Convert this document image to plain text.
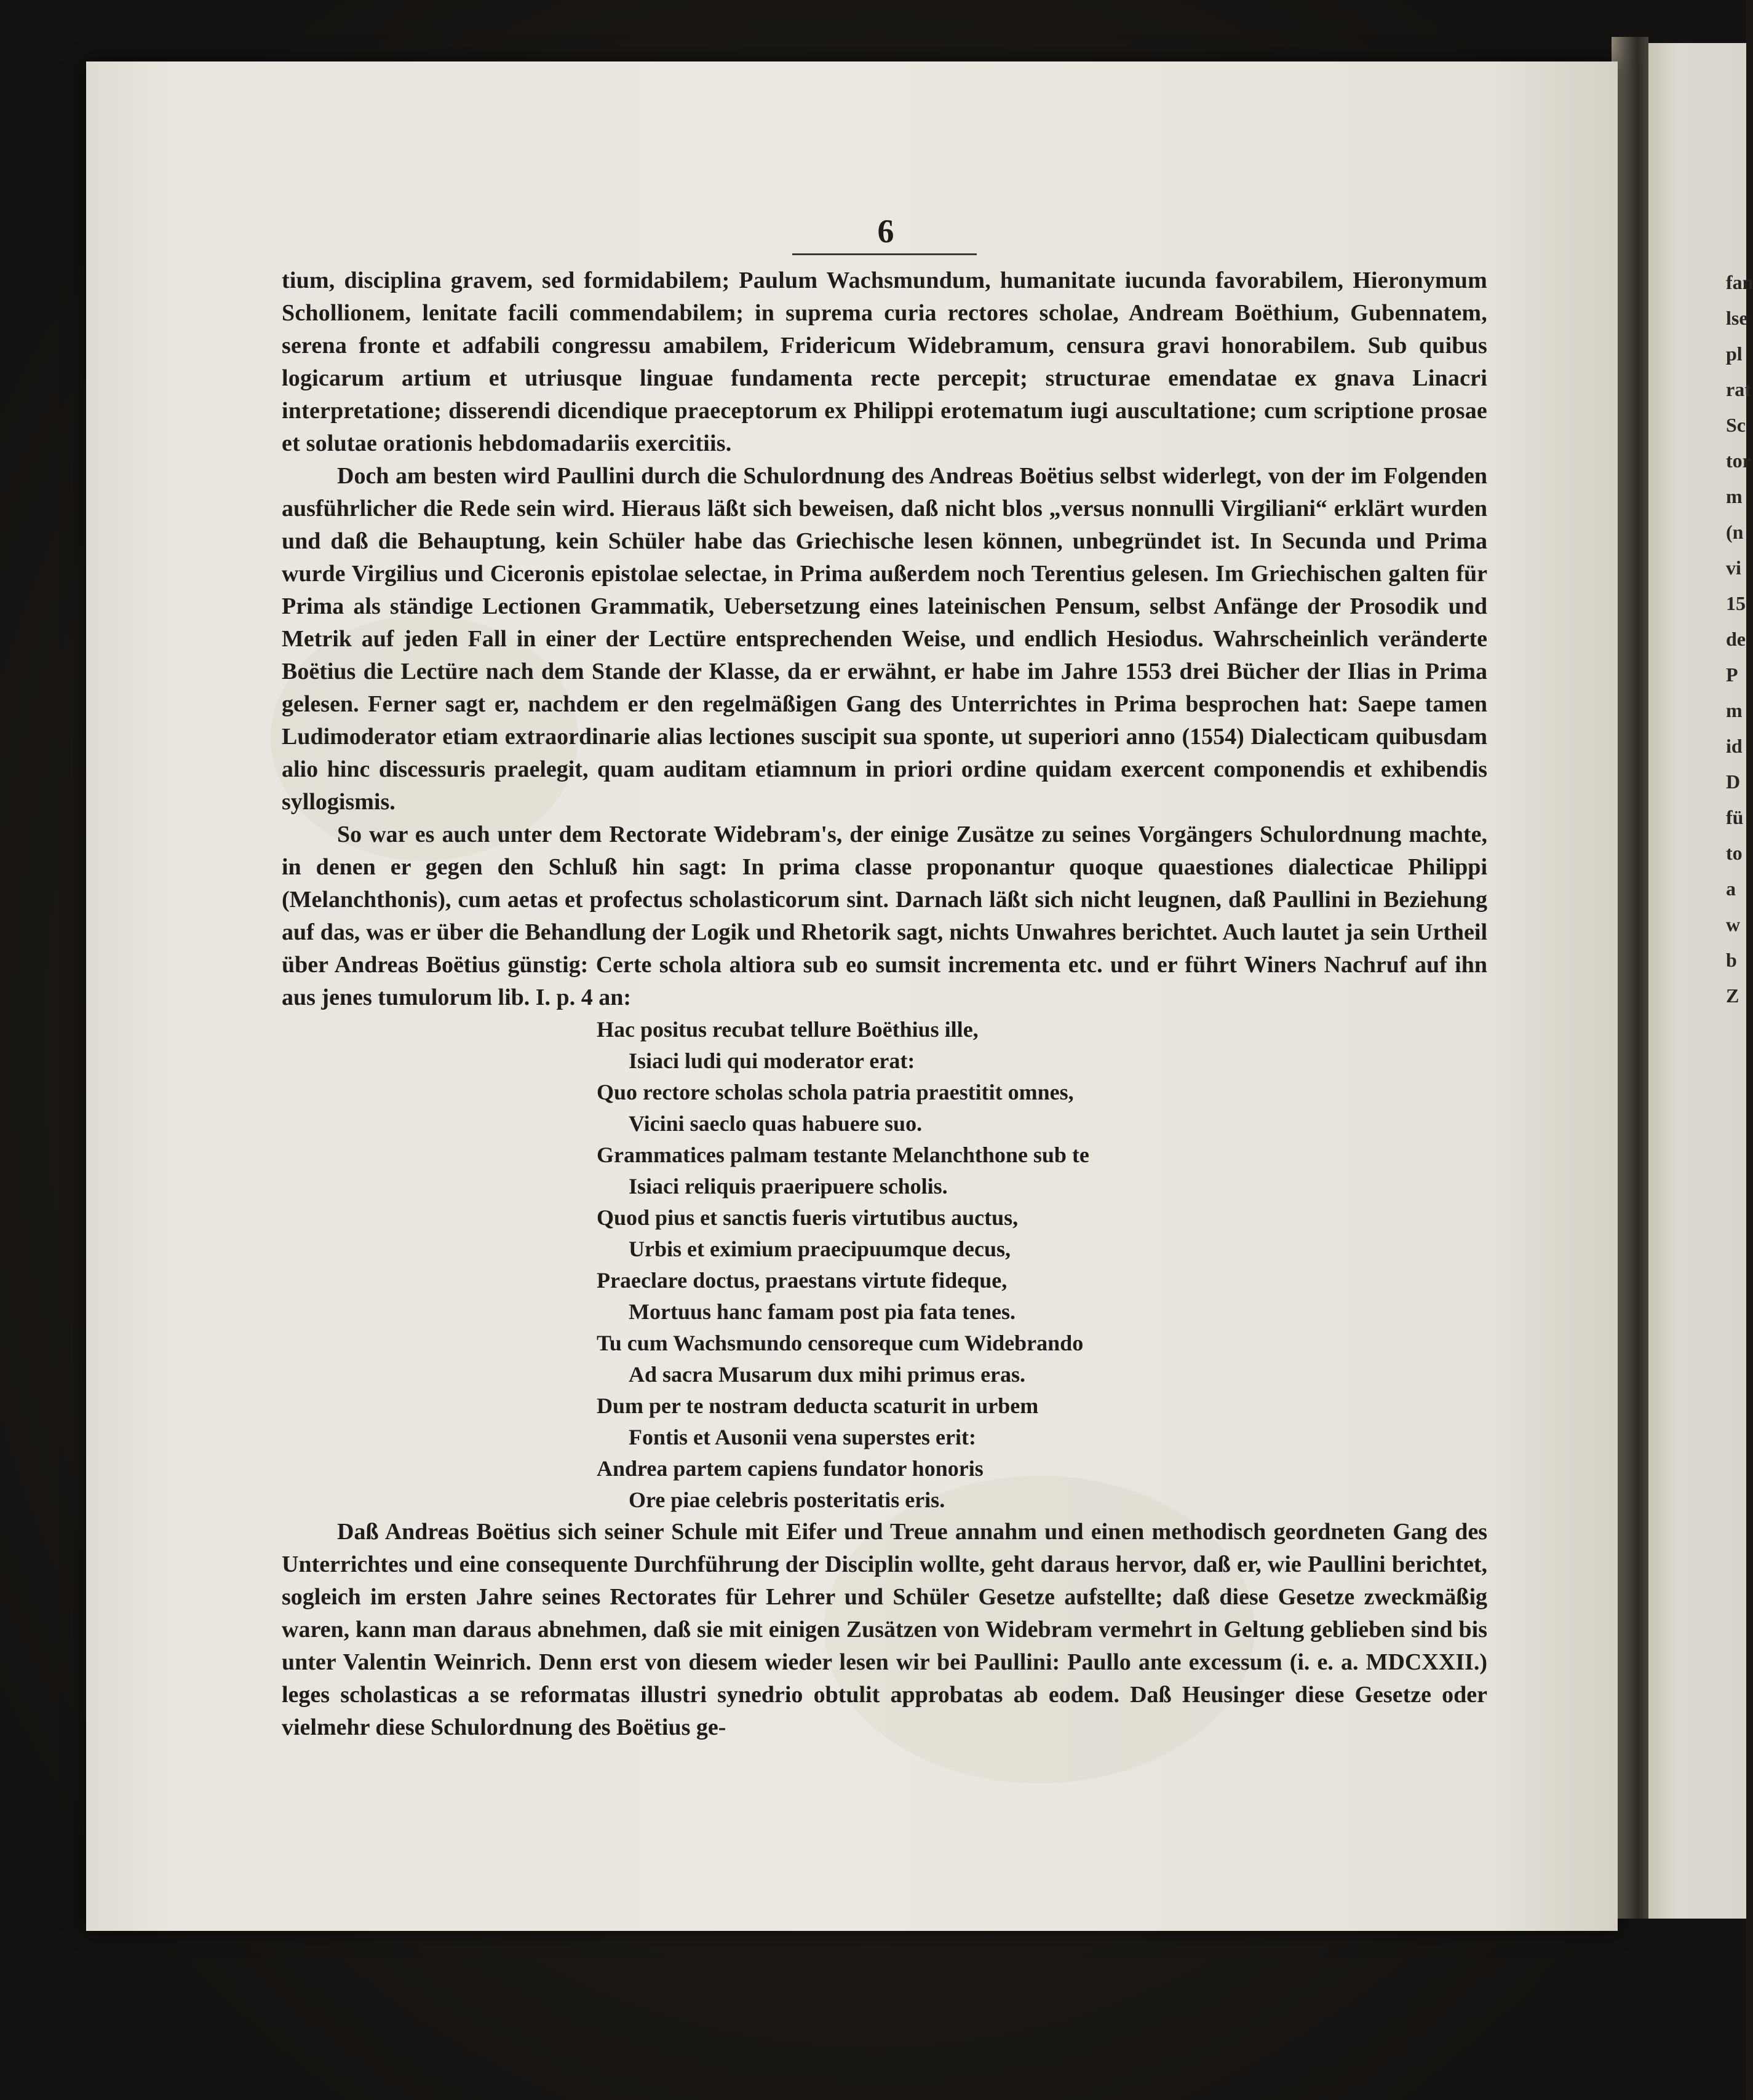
fan
lse
pl
rat
Sc
tor
m
(n
vi
15
de
P
m
id
D
fü
to
a
w
b
Z
6

tium, disciplina gravem, sed formidabilem; Paulum Wachsmundum, humanitate iucunda favorabilem, Hieronymum Schollionem, lenitate facili commendabilem; in suprema curia rectores scholae, Andream Boëthium, Gubennatem, serena fronte et adfabili congressu amabilem, Fridericum Widebramum, censura gravi honorabilem. Sub quibus logicarum artium et utriusque linguae fundamenta recte percepit; structurae emendatae ex gnava Linacri interpretatione; disserendi dicendique praeceptorum ex Philippi erotematum iugi auscultatione; cum scriptione prosae et solutae orationis hebdomadariis exercitiis.

Doch am besten wird Paullini durch die Schulordnung des Andreas Boëtius selbst widerlegt, von der im Folgenden ausführlicher die Rede sein wird. Hieraus läßt sich beweisen, daß nicht blos „versus nonnulli Virgiliani“ erklärt wurden und daß die Behauptung, kein Schüler habe das Griechische lesen können, unbegründet ist. In Secunda und Prima wurde Virgilius und Ciceronis epistolae selectae, in Prima außerdem noch Terentius gelesen. Im Griechischen galten für Prima als ständige Lectionen Grammatik, Uebersetzung eines lateinischen Pensum, selbst Anfänge der Prosodik und Metrik auf jeden Fall in einer der Lectüre entsprechenden Weise, und endlich Hesiodus. Wahrscheinlich veränderte Boëtius die Lectüre nach dem Stande der Klasse, da er erwähnt, er habe im Jahre 1553 drei Bücher der Ilias in Prima gelesen. Ferner sagt er, nachdem er den regelmäßigen Gang des Unterrichtes in Prima besprochen hat: Saepe tamen Ludimoderator etiam extraordinarie alias lectiones suscipit sua sponte, ut superiori anno (1554) Dialecticam quibusdam alio hinc discessuris praelegit, quam auditam etiamnum in priori ordine quidam exercent componendis et exhibendis syllogismis.

So war es auch unter dem Rectorate Widebram's, der einige Zusätze zu seines Vorgängers Schulordnung machte, in denen er gegen den Schluß hin sagt: In prima classe proponantur quoque quaestiones dialecticae Philippi (Melanchthonis), cum aetas et profectus scholasticorum sint. Darnach läßt sich nicht leugnen, daß Paullini in Beziehung auf das, was er über die Behandlung der Logik und Rhetorik sagt, nichts Unwahres berichtet. Auch lautet ja sein Urtheil über Andreas Boëtius günstig: Certe schola altiora sub eo sumsit incrementa etc. und er führt Winers Nachruf auf ihn aus jenes tumulorum lib. I. p. 4 an:

Hac positus recubat tellure Boëthius ille,
Isiaci ludi qui moderator erat:
Quo rectore scholas schola patria praestitit omnes,
Vicini saeclo quas habuere suo.
Grammatices palmam testante Melanchthone sub te
Isiaci reliquis praeripuere scholis.
Quod pius et sanctis fueris virtutibus auctus,
Urbis et eximium praecipuumque decus,
Praeclare doctus, praestans virtute fideque,
Mortuus hanc famam post pia fata tenes.
Tu cum Wachsmundo censoreque cum Widebrando
Ad sacra Musarum dux mihi primus eras.
Dum per te nostram deducta scaturit in urbem
Fontis et Ausonii vena superstes erit:
Andrea partem capiens fundator honoris
Ore piae celebris posteritatis eris.

Daß Andreas Boëtius sich seiner Schule mit Eifer und Treue annahm und einen methodisch geordneten Gang des Unterrichtes und eine consequente Durchführung der Disciplin wollte, geht daraus hervor, daß er, wie Paullini berichtet, sogleich im ersten Jahre seines Rectorates für Lehrer und Schüler Gesetze aufstellte; daß diese Gesetze zweckmäßig waren, kann man daraus abnehmen, daß sie mit einigen Zusätzen von Widebram vermehrt in Geltung geblieben sind bis unter Valentin Weinrich. Denn erst von diesem wieder lesen wir bei Paullini: Paullo ante excessum (i. e. a. MDCXXII.) leges scholasticas a se reformatas illustri synedrio obtulit approbatas ab eodem. Daß Heusinger diese Gesetze oder vielmehr diese Schulordnung des Boëtius ge-
